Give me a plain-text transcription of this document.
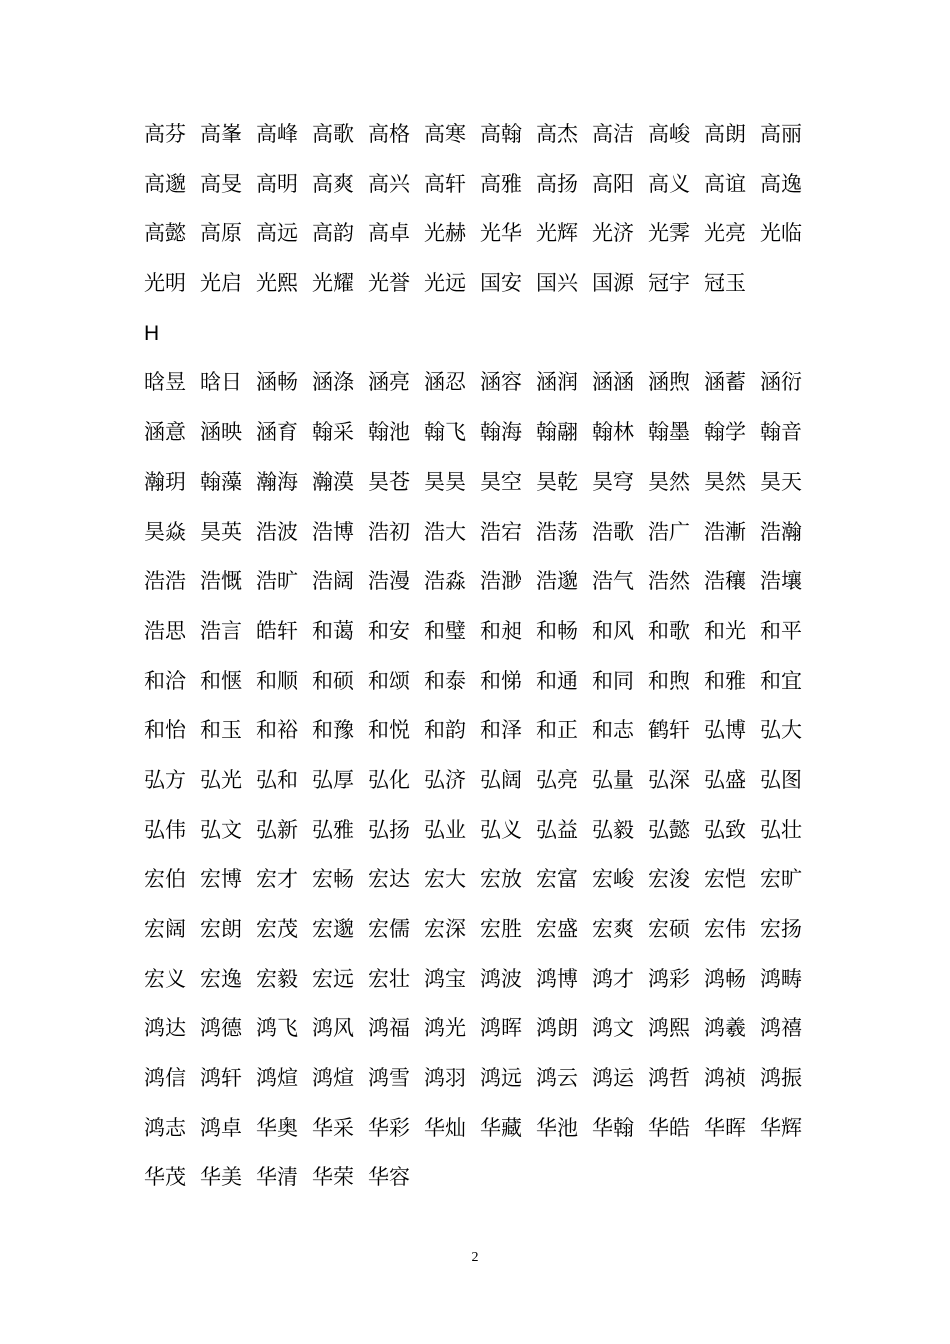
高芬 高峯 高峰 高歌 高格 高寒 高翰 高杰 高洁 高峻 高朗 高丽
高邈 高旻 高明 高爽 高兴 高轩 高雅 高扬 高阳 高义 高谊 高逸
高懿 高原 高远 高韵 高卓 光赫 光华 光辉 光济 光霁 光亮 光临
光明 光启 光熙 光耀 光誉 光远 国安 国兴 国源 冠宇 冠玉
H
晗昱 晗日 涵畅 涵涤 涵亮 涵忍 涵容 涵润 涵涵 涵煦 涵蓄 涵衍
涵意 涵映 涵育 翰采 翰池 翰飞 翰海 翰翮 翰林 翰墨 翰学 翰音
瀚玥 翰藻 瀚海 瀚漠 昊苍 昊昊 昊空 昊乾 昊穹 昊然 昊然 昊天
昊焱 昊英 浩波 浩博 浩初 浩大 浩宕 浩荡 浩歌 浩广 浩漸 浩瀚
浩浩 浩慨 浩旷 浩阔 浩漫 浩淼 浩渺 浩邈 浩气 浩然 浩穰 浩壤
浩思 浩言 皓轩 和蔼 和安 和璧 和昶 和畅 和风 和歌 和光 和平
和洽 和惬 和顺 和硕 和颂 和泰 和悌 和通 和同 和煦 和雅 和宜
和怡 和玉 和裕 和豫 和悦 和韵 和泽 和正 和志 鹤轩 弘博 弘大
弘方 弘光 弘和 弘厚 弘化 弘济 弘阔 弘亮 弘量 弘深 弘盛 弘图
弘伟 弘文 弘新 弘雅 弘扬 弘业 弘义 弘益 弘毅 弘懿 弘致 弘壮
宏伯 宏博 宏才 宏畅 宏达 宏大 宏放 宏富 宏峻 宏浚 宏恺 宏旷
宏阔 宏朗 宏茂 宏邈 宏儒 宏深 宏胜 宏盛 宏爽 宏硕 宏伟 宏扬
宏义 宏逸 宏毅 宏远 宏壮 鸿宝 鸿波 鸿博 鸿才 鸿彩 鸿畅 鸿畴
鸿达 鸿德 鸿飞 鸿风 鸿福 鸿光 鸿晖 鸿朗 鸿文 鸿熙 鸿羲 鸿禧
鸿信 鸿轩 鸿煊 鸿煊 鸿雪 鸿羽 鸿远 鸿云 鸿运 鸿哲 鸿祯 鸿振
鸿志 鸿卓 华奥 华采 华彩 华灿 华藏 华池 华翰 华皓 华晖 华辉
华茂 华美 华清 华荣 华容
2
